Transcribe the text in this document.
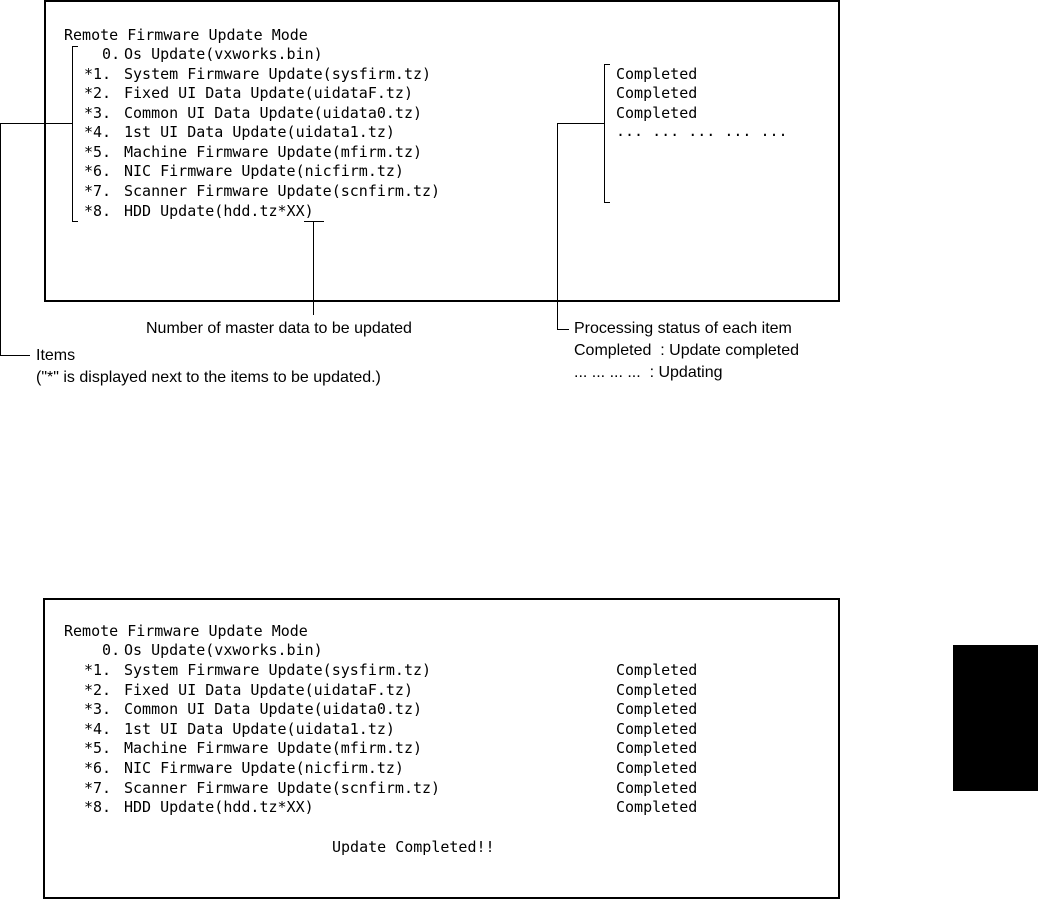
Remote Firmware Update Mode
0. Os Update(vxworks.bin)
*1. System Firmware Update(sysfirm.tz)
*2. Fixed UI Data Update(uidataF.tz)
*3. Common UI Data Update(uidata0.tz)
*4. 1st UI Data Update(uidata1.tz)
*5. Machine Firmware Update(mfirm.tz)
*6. NIC Firmware Update(nicfirm.tz)
*7. Scanner Firmware Update(scnfirm.tz)
*8. HDD Update(hdd.tz*XX)
Completed
Completed
Completed
... ... ... ... ...
Number of master data to be updated
Items
("*" is displayed next to the items to be updated.)
Processing status of each item
Completed  : Update completed
... ... ... ...  : Updating
Remote Firmware Update Mode
0. Os Update(vxworks.bin)
*1. System Firmware Update(sysfirm.tz)
*2. Fixed UI Data Update(uidataF.tz)
*3. Common UI Data Update(uidata0.tz)
*4. 1st UI Data Update(uidata1.tz)
*5. Machine Firmware Update(mfirm.tz)
*6. NIC Firmware Update(nicfirm.tz)
*7. Scanner Firmware Update(scnfirm.tz)
*8. HDD Update(hdd.tz*XX)
Completed
Completed
Completed
Completed
Completed
Completed
Completed
Completed
Update Completed!!
